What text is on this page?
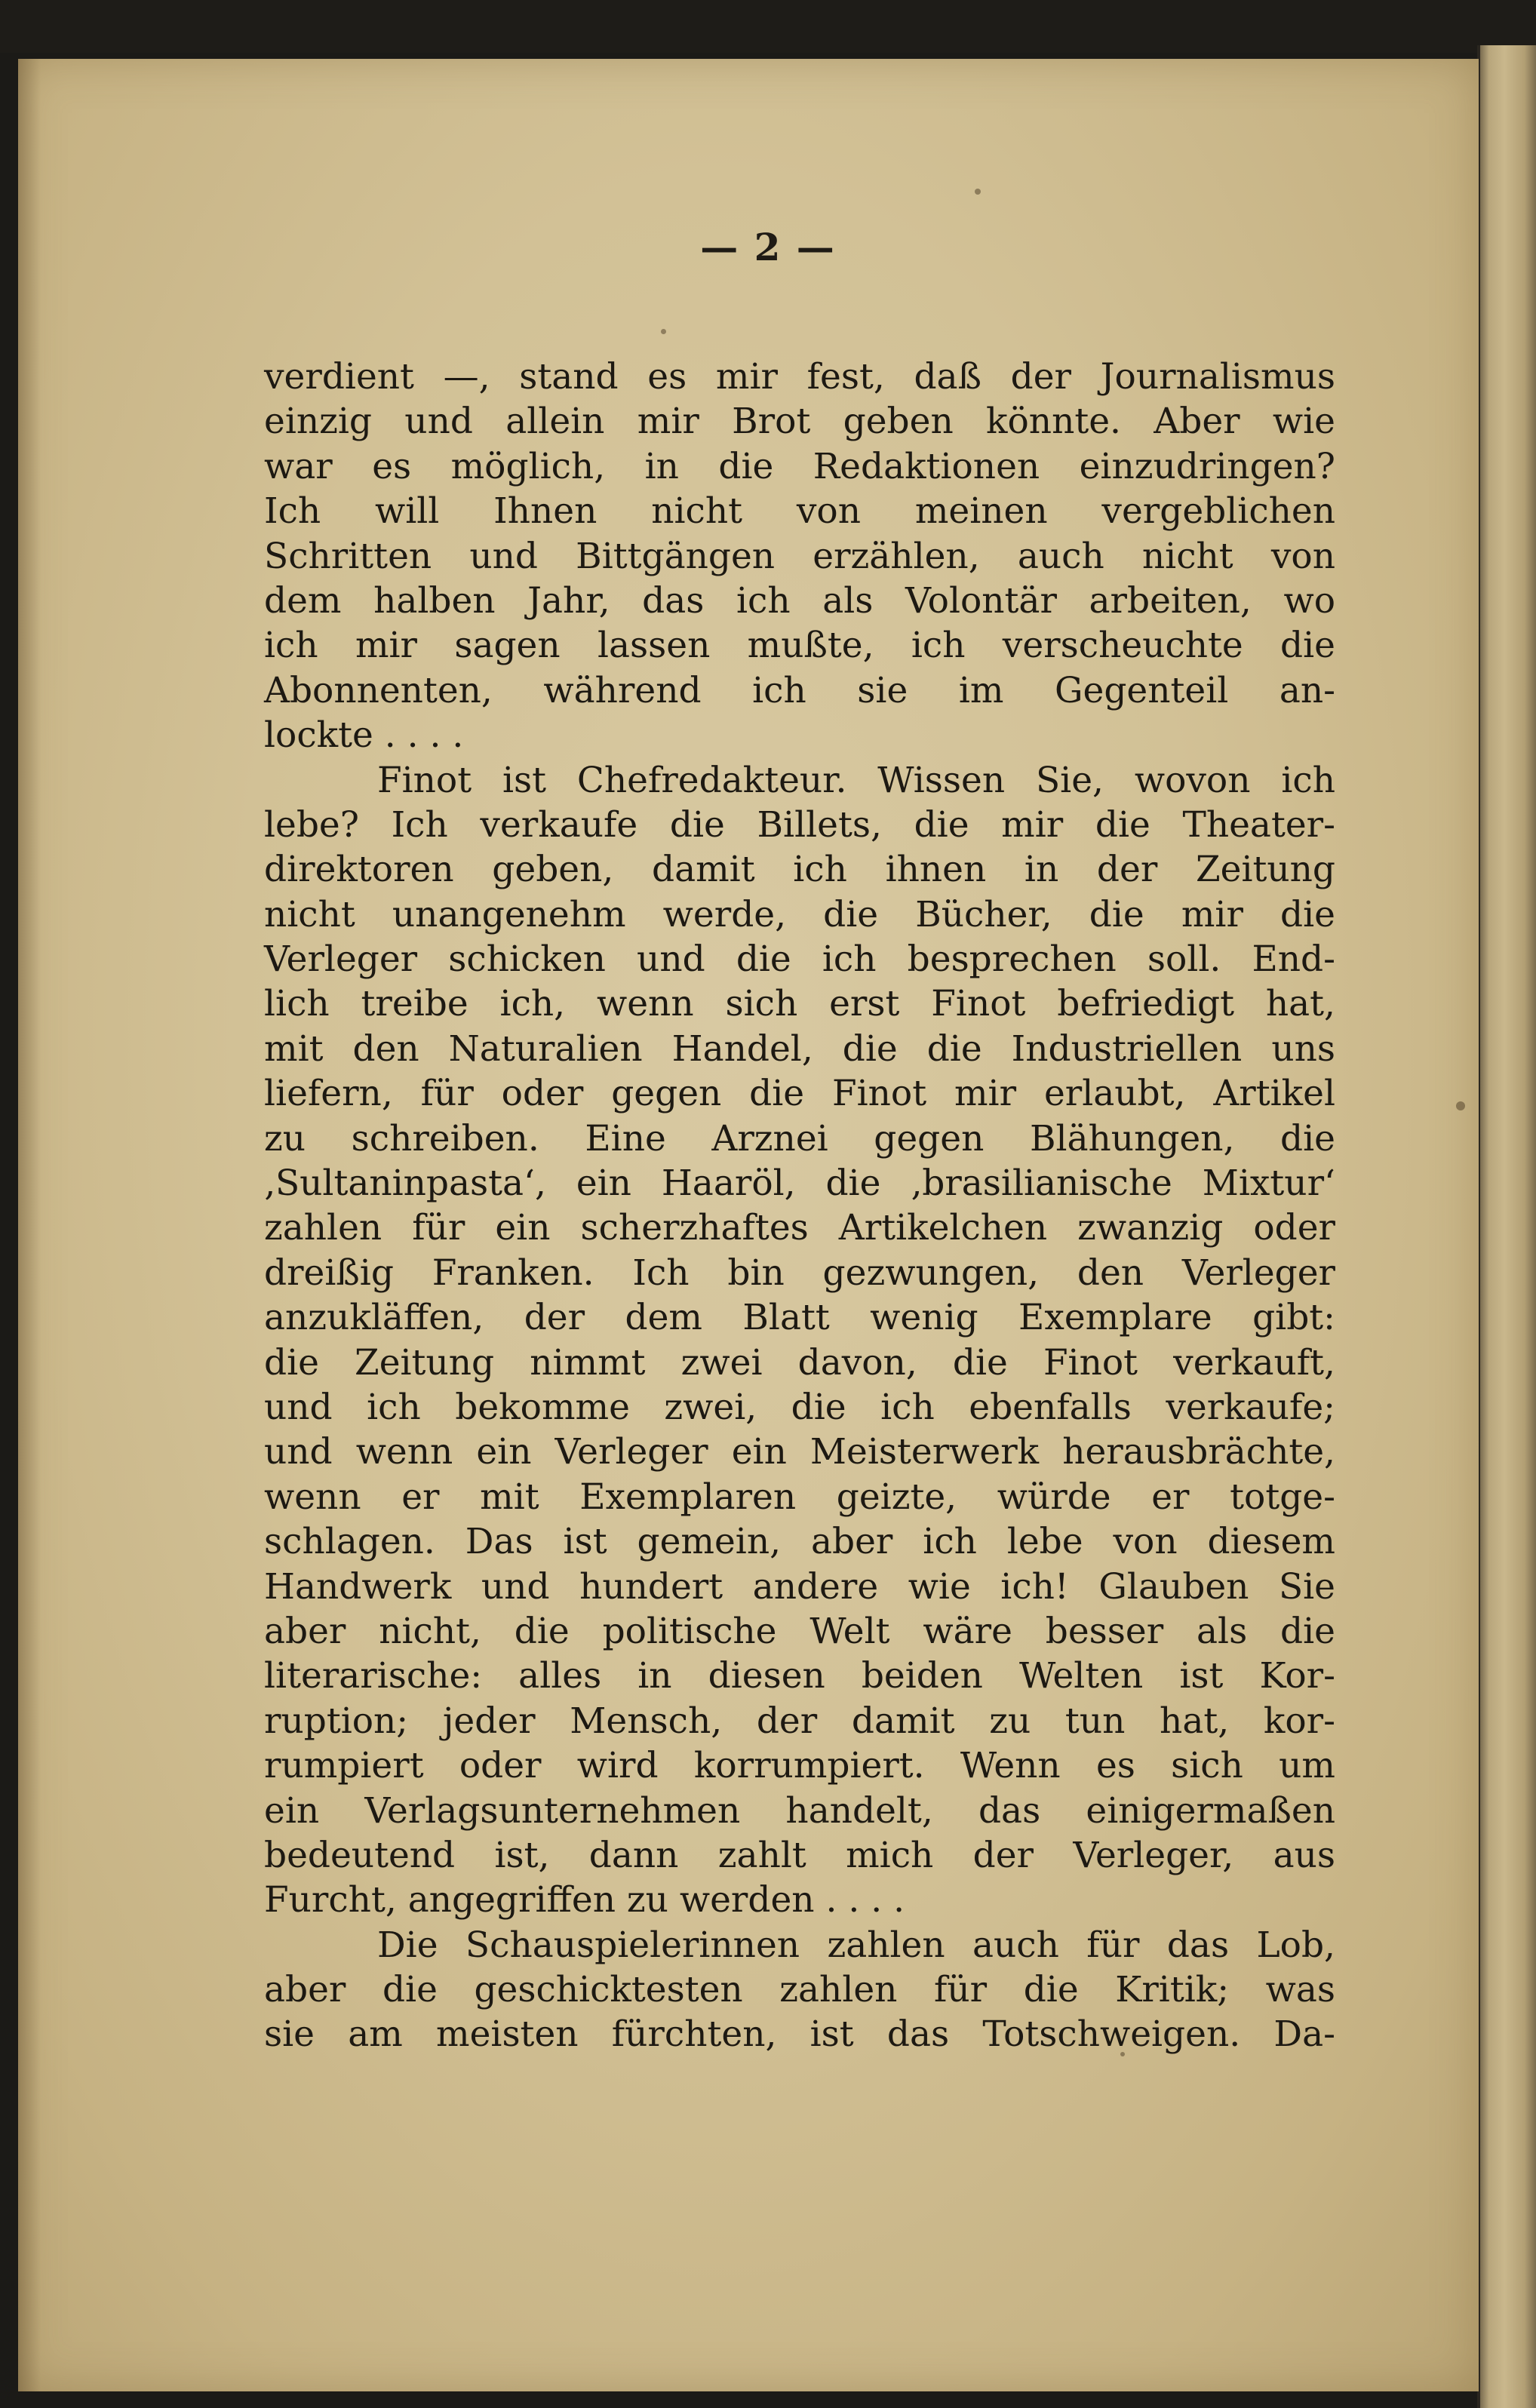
— 2 —
verdient —, stand es mir fest, daß der Journalismus
einzig und allein mir Brot geben könnte. Aber wie
war es möglich, in die Redaktionen einzudringen?
Ich will Ihnen nicht von meinen vergeblichen
Schritten und Bittgängen erzählen, auch nicht von
dem halben Jahr, das ich als Volontär arbeiten, wo
ich mir sagen lassen mußte, ich verscheuchte die
Abonnenten, während ich sie im Gegenteil an-
lockte . . . .
Finot ist Chefredakteur. Wissen Sie, wovon ich
lebe? Ich verkaufe die Billets, die mir die Theater-
direktoren geben, damit ich ihnen in der Zeitung
nicht unangenehm werde, die Bücher, die mir die
Verleger schicken und die ich besprechen soll. End-
lich treibe ich, wenn sich erst Finot befriedigt hat,
mit den Naturalien Handel, die die Industriellen uns
liefern, für oder gegen die Finot mir erlaubt, Artikel
zu schreiben. Eine Arznei gegen Blähungen, die
‚Sultaninpasta‘, ein Haaröl, die ‚brasilianische Mixtur‘
zahlen für ein scherzhaftes Artikelchen zwanzig oder
dreißig Franken. Ich bin gezwungen, den Verleger
anzukläffen, der dem Blatt wenig Exemplare gibt:
die Zeitung nimmt zwei davon, die Finot verkauft,
und ich bekomme zwei, die ich ebenfalls verkaufe;
und wenn ein Verleger ein Meisterwerk herausbrächte,
wenn er mit Exemplaren geizte, würde er totge-
schlagen. Das ist gemein, aber ich lebe von diesem
Handwerk und hundert andere wie ich! Glauben Sie
aber nicht, die politische Welt wäre besser als die
literarische: alles in diesen beiden Welten ist Kor-
ruption; jeder Mensch, der damit zu tun hat, kor-
rumpiert oder wird korrumpiert. Wenn es sich um
ein Verlagsunternehmen handelt, das einigermaßen
bedeutend ist, dann zahlt mich der Verleger, aus
Furcht, angegriffen zu werden . . . .
Die Schauspielerinnen zahlen auch für das Lob,
aber die geschicktesten zahlen für die Kritik; was
sie am meisten fürchten, ist das Totschweigen. Da-
